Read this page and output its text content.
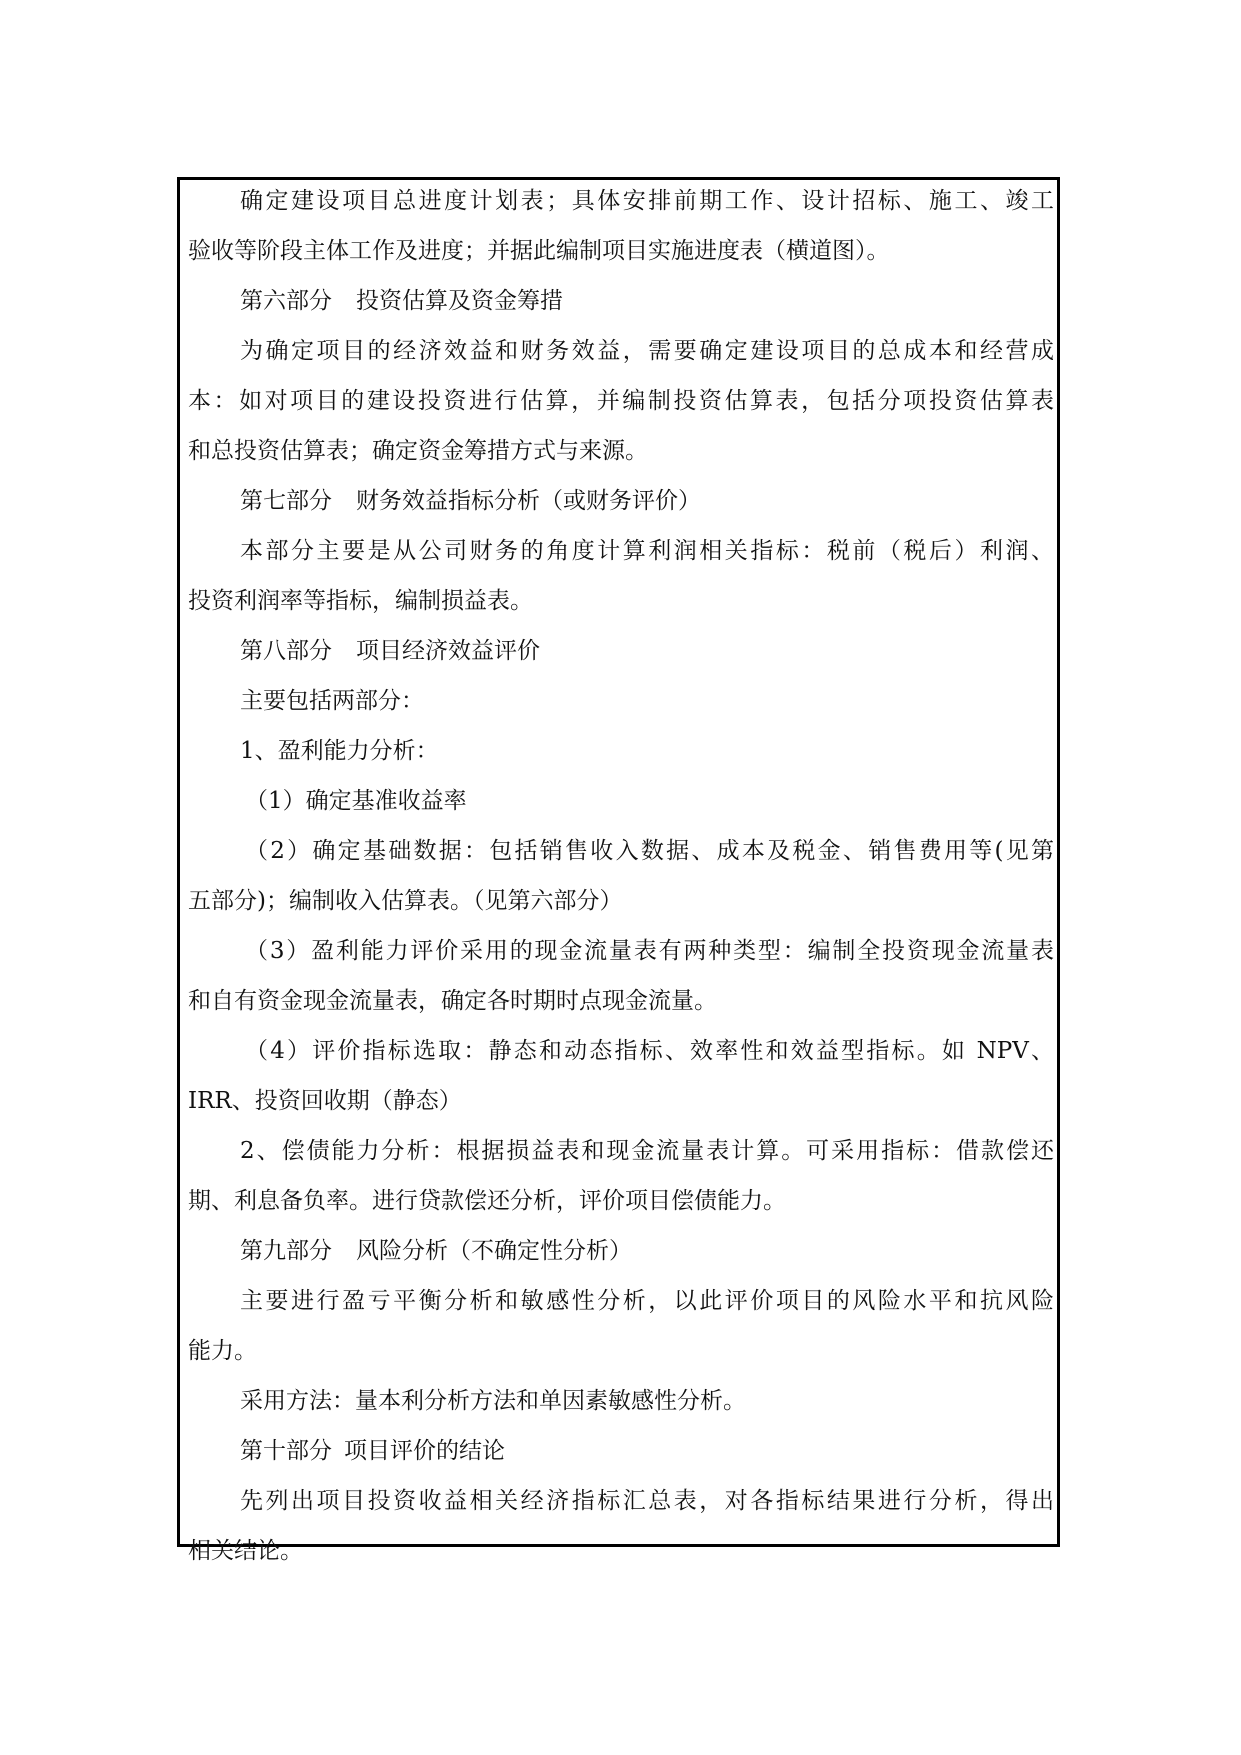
确定建设项目总进度计划表；具体安排前期工作、设计招标、施工、竣工
验收等阶段主体工作及进度；并据此编制项目实施进度表（横道图）。
第六部分 投资估算及资金筹措
为确定项目的经济效益和财务效益，需要确定建设项目的总成本和经营成
本：如对项目的建设投资进行估算，并编制投资估算表，包括分项投资估算表
和总投资估算表；确定资金筹措方式与来源。
第七部分 财务效益指标分析（或财务评价）
本部分主要是从公司财务的角度计算利润相关指标：税前（税后）利润、
投资利润率等指标，编制损益表。
第八部分 项目经济效益评价
主要包括两部分：
1、盈利能力分析：
（1）确定基准收益率
（2）确定基础数据：包括销售收入数据、成本及税金、销售费用等(见第
五部分)；编制收入估算表。（见第六部分）
（3）盈利能力评价采用的现金流量表有两种类型：编制全投资现金流量表
和自有资金现金流量表，确定各时期时点现金流量。
（4）评价指标选取：静态和动态指标、效率性和效益型指标。如 NPV、
IRR、投资回收期（静态）
2、偿债能力分析：根据损益表和现金流量表计算。可采用指标：借款偿还
期、利息备负率。进行贷款偿还分析，评价项目偿债能力。
第九部分 风险分析（不确定性分析）
主要进行盈亏平衡分析和敏感性分析，以此评价项目的风险水平和抗风险
能力。
采用方法：量本利分析方法和单因素敏感性分析。
第十部分 项目评价的结论
先列出项目投资收益相关经济指标汇总表，对各指标结果进行分析，得出
相关结论。
